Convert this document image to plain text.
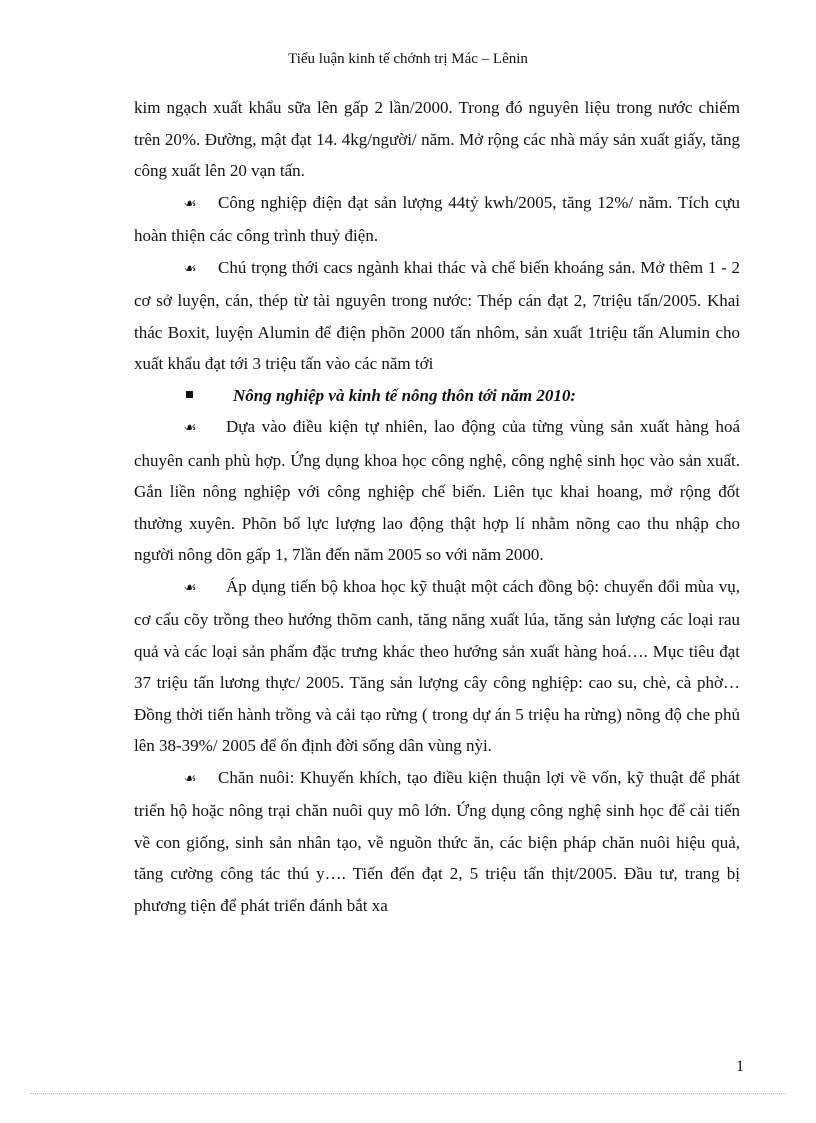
Tiểu luận kinh tế chớnh trị Mác – Lênin

kim ngạch xuất khẩu sữa lên gấp 2 lần/2000. Trong đó nguyên liệu trong nước chiếm trên 20%. Đường, mật đạt 14. 4kg/người/ năm. Mở rộng các nhà máy sản xuất giấy, tăng công xuất lên 20 vạn tấn.

☙ Công nghiệp điện đạt sản lượng 44tỷ kwh/2005, tăng 12%/ năm. Tích cựu hoàn thiện các công trình thuỷ điện.

☙ Chú trọng thới cacs ngành khai thác và chế biến khoáng sản. Mở thêm 1 - 2 cơ sở luyện, cán, thép từ tài nguyên trong nước: Thép cán đạt 2, 7triệu tấn/2005. Khai thác Boxit, luyện Alumin để điện phõn 2000 tấn nhôm, sản xuất 1triệu tấn Alumin cho xuất khẩu đạt tới 3 triệu tấn vào các năm tới

Nông nghiệp và kinh tế nông thôn tới năm 2010:

☙ Dựa vào điều kiện tự nhiên, lao động của từng vùng sản xuất hàng hoá chuyên canh phù hợp. Ứng dụng khoa học công nghệ, công nghệ sinh học vào sản xuất. Gắn liền nông nghiệp với công nghiệp chế biến. Liên tục khai hoang, mở rộng đốt thường xuyên. Phõn bổ lực lượng lao động thật hợp lí nhằm nõng cao thu nhập cho người nông dõn gấp 1, 7lần đến năm 2005 so với năm 2000.

☙ Áp dụng tiến bộ khoa học kỹ thuật một cách đồng bộ: chuyển đổi mùa vụ, cơ cấu cõy trồng theo hướng thõm canh, tăng năng xuất lúa, tăng sản lượng các loại rau quả và các loại sản phẩm đặc trưng khác theo hướng sản xuất hàng hoá…. Mục tiêu đạt 37 triệu tấn lương thực/ 2005. Tăng sản lượng cây công nghiệp: cao su, chè, cà phờ…Đồng thời tiến hành trồng và cải tạo rừng ( trong dự án 5 triệu ha rừng) nõng độ che phủ lên 38-39%/ 2005 để ổn định đời sống dân vùng nỳi.

☙ Chăn nuôi: Khuyến khích, tạo điều kiện thuận lợi về vốn, kỹ thuật để phát triển hộ hoặc nông trại chăn nuôi quy mô lớn. Ứng dụng công nghệ sinh học để cải tiến về con giống, sinh sản nhân tạo, về nguồn thức ăn, các biện pháp chăn nuôi hiệu quả, tăng cường công tác thú y…. Tiến đến đạt 2, 5 triệu tấn thịt/2005. Đầu tư, trang bị phương tiện để phát triển đánh bắt xa

1
